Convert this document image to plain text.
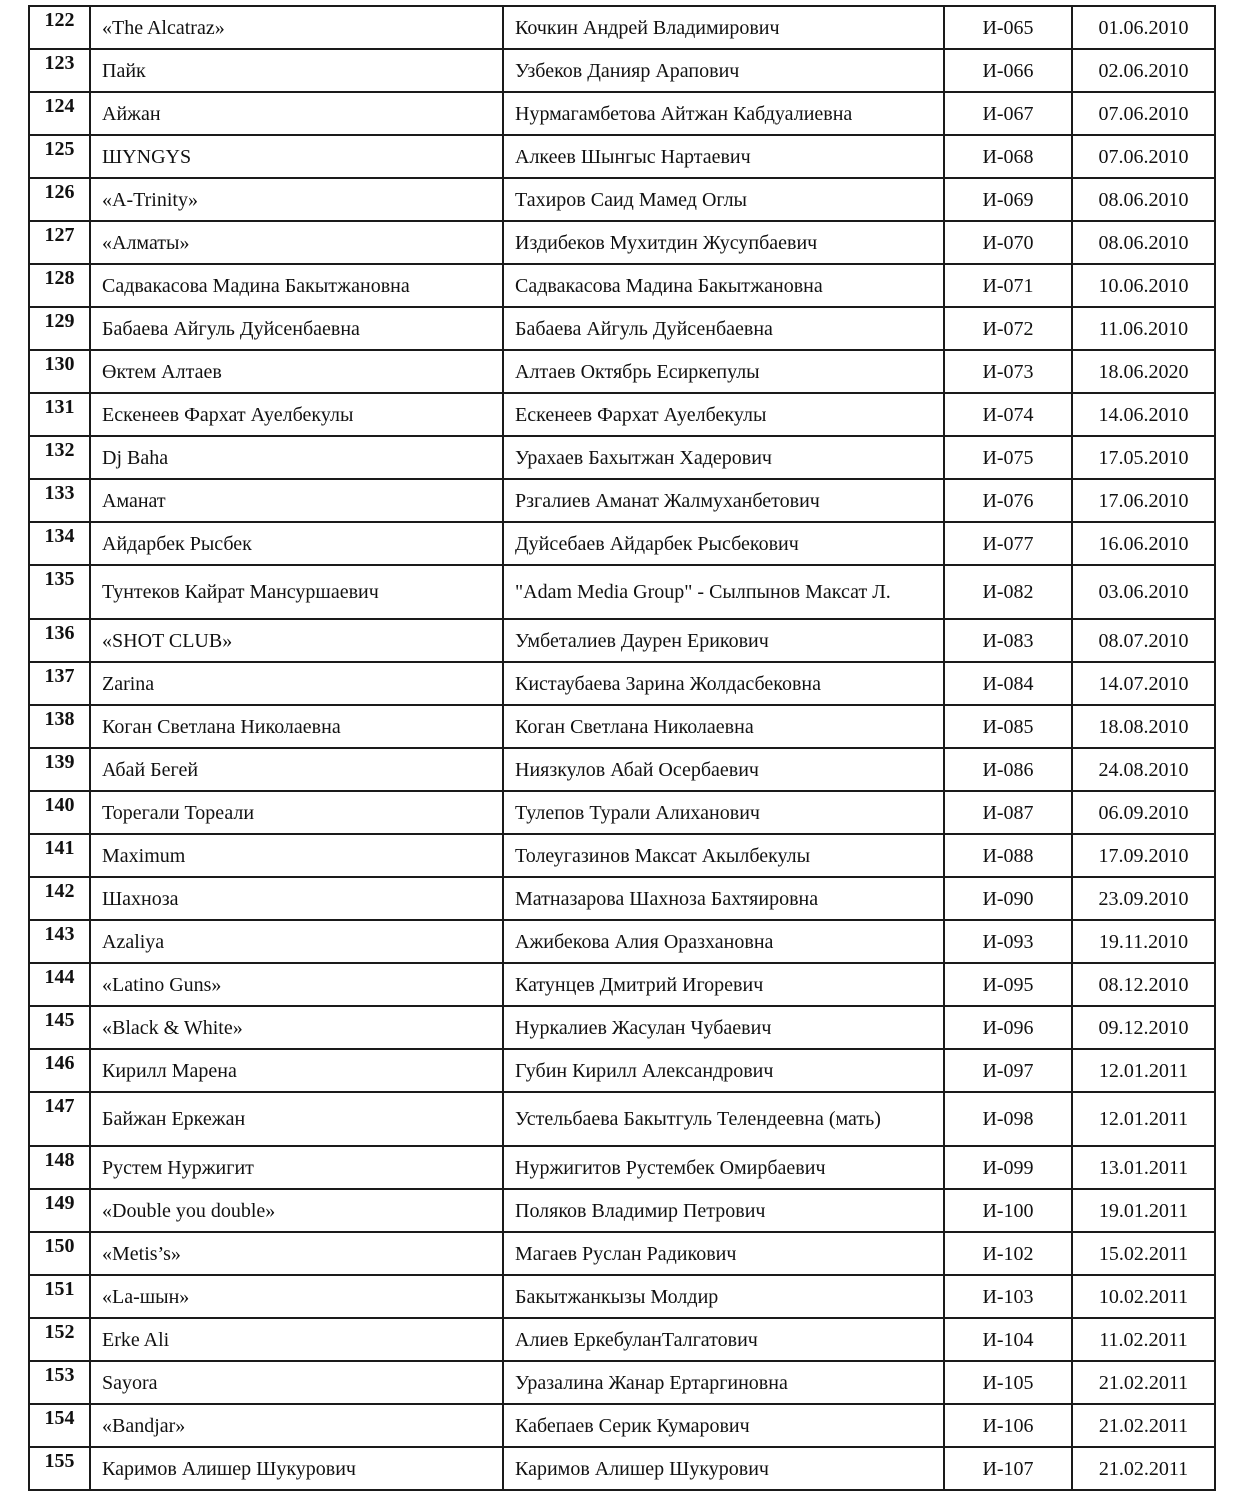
122	«The Alcatraz»	Кочкин Андрей Владимирович	И-065	01.06.2010
123	Пайк	Узбеков Данияр Арапович	И-066	02.06.2010
124	Айжан	Нурмагамбетова Айтжан Кабдуалиевна	И-067	07.06.2010
125	ШYNGYS	Алкеев Шынгыс Нартаевич	И-068	07.06.2010
126	«A-Trinity»	Тахиров Саид Мамед Оглы	И-069	08.06.2010
127	«Алматы»	Издибеков Мухитдин Жусупбаевич	И-070	08.06.2010
128	Садвакасова Мадина Бакытжановна	Садвакасова Мадина Бакытжановна	И-071	10.06.2010
129	Бабаева Айгуль Дуйсенбаевна	Бабаева Айгуль Дуйсенбаевна	И-072	11.06.2010
130	Өктем Алтаев	Алтаев Октябрь Есиркепулы	И-073	18.06.2020
131	Ескенеев Фархат Ауелбекулы	Ескенеев Фархат Ауелбекулы	И-074	14.06.2010
132	Dj Baha	Урахаев Бахытжан Хадерович	И-075	17.05.2010
133	Аманат	Рзгалиев Аманат Жалмуханбетович	И-076	17.06.2010
134	Айдарбек Рысбек	Дуйсебаев Айдарбек Рысбекович	И-077	16.06.2010
135	Тунтеков Кайрат Мансуршаевич	"Adam Media Group" - Сылпынов Максат Л.	И-082	03.06.2010
136	«SHOT CLUB»	Умбеталиев Даурен Ерикович	И-083	08.07.2010
137	Zarina	Кистаубаева Зарина Жолдасбековна	И-084	14.07.2010
138	Коган Светлана Николаевна	Коган Светлана Николаевна	И-085	18.08.2010
139	Абай Бегей	Ниязкулов Абай Осербаевич	И-086	24.08.2010
140	Торегали Тореали	Тулепов Турали Алиханович	И-087	06.09.2010
141	Maximum	Толеугазинов Максат Акылбекулы	И-088	17.09.2010
142	Шахноза	Матназарова Шахноза Бахтяировна	И-090	23.09.2010
143	Azaliya	Ажибекова Алия Оразхановна	И-093	19.11.2010
144	«Latino Guns»	Катунцев Дмитрий Игоревич	И-095	08.12.2010
145	«Black & White»	Нуркалиев Жасулан Чубаевич	И-096	09.12.2010
146	Кирилл Марена	Губин Кирилл Александрович	И-097	12.01.2011
147	Байжан Еркежан	Устельбаева Бакытгуль Телендеевна (мать)	И-098	12.01.2011
148	Рустем Нуржигит	Нуржигитов Рустембек Омирбаевич	И-099	13.01.2011
149	«Double you double»	Поляков Владимир Петрович	И-100	19.01.2011
150	«Metis’s»	Магаев Руслан Радикович	И-102	15.02.2011
151	«La-шын»	Бакытжанкызы Молдир	И-103	10.02.2011
152	Erke Ali	Алиев ЕркебуланТалгатович	И-104	11.02.2011
153	Sayora	Уразалина Жанар Ертаргиновна	И-105	21.02.2011
154	«Bandjar»	Кабепаев Серик Кумарович	И-106	21.02.2011
155	Каримов Алишер Шукурович	Каримов Алишер Шукурович	И-107	21.02.2011
